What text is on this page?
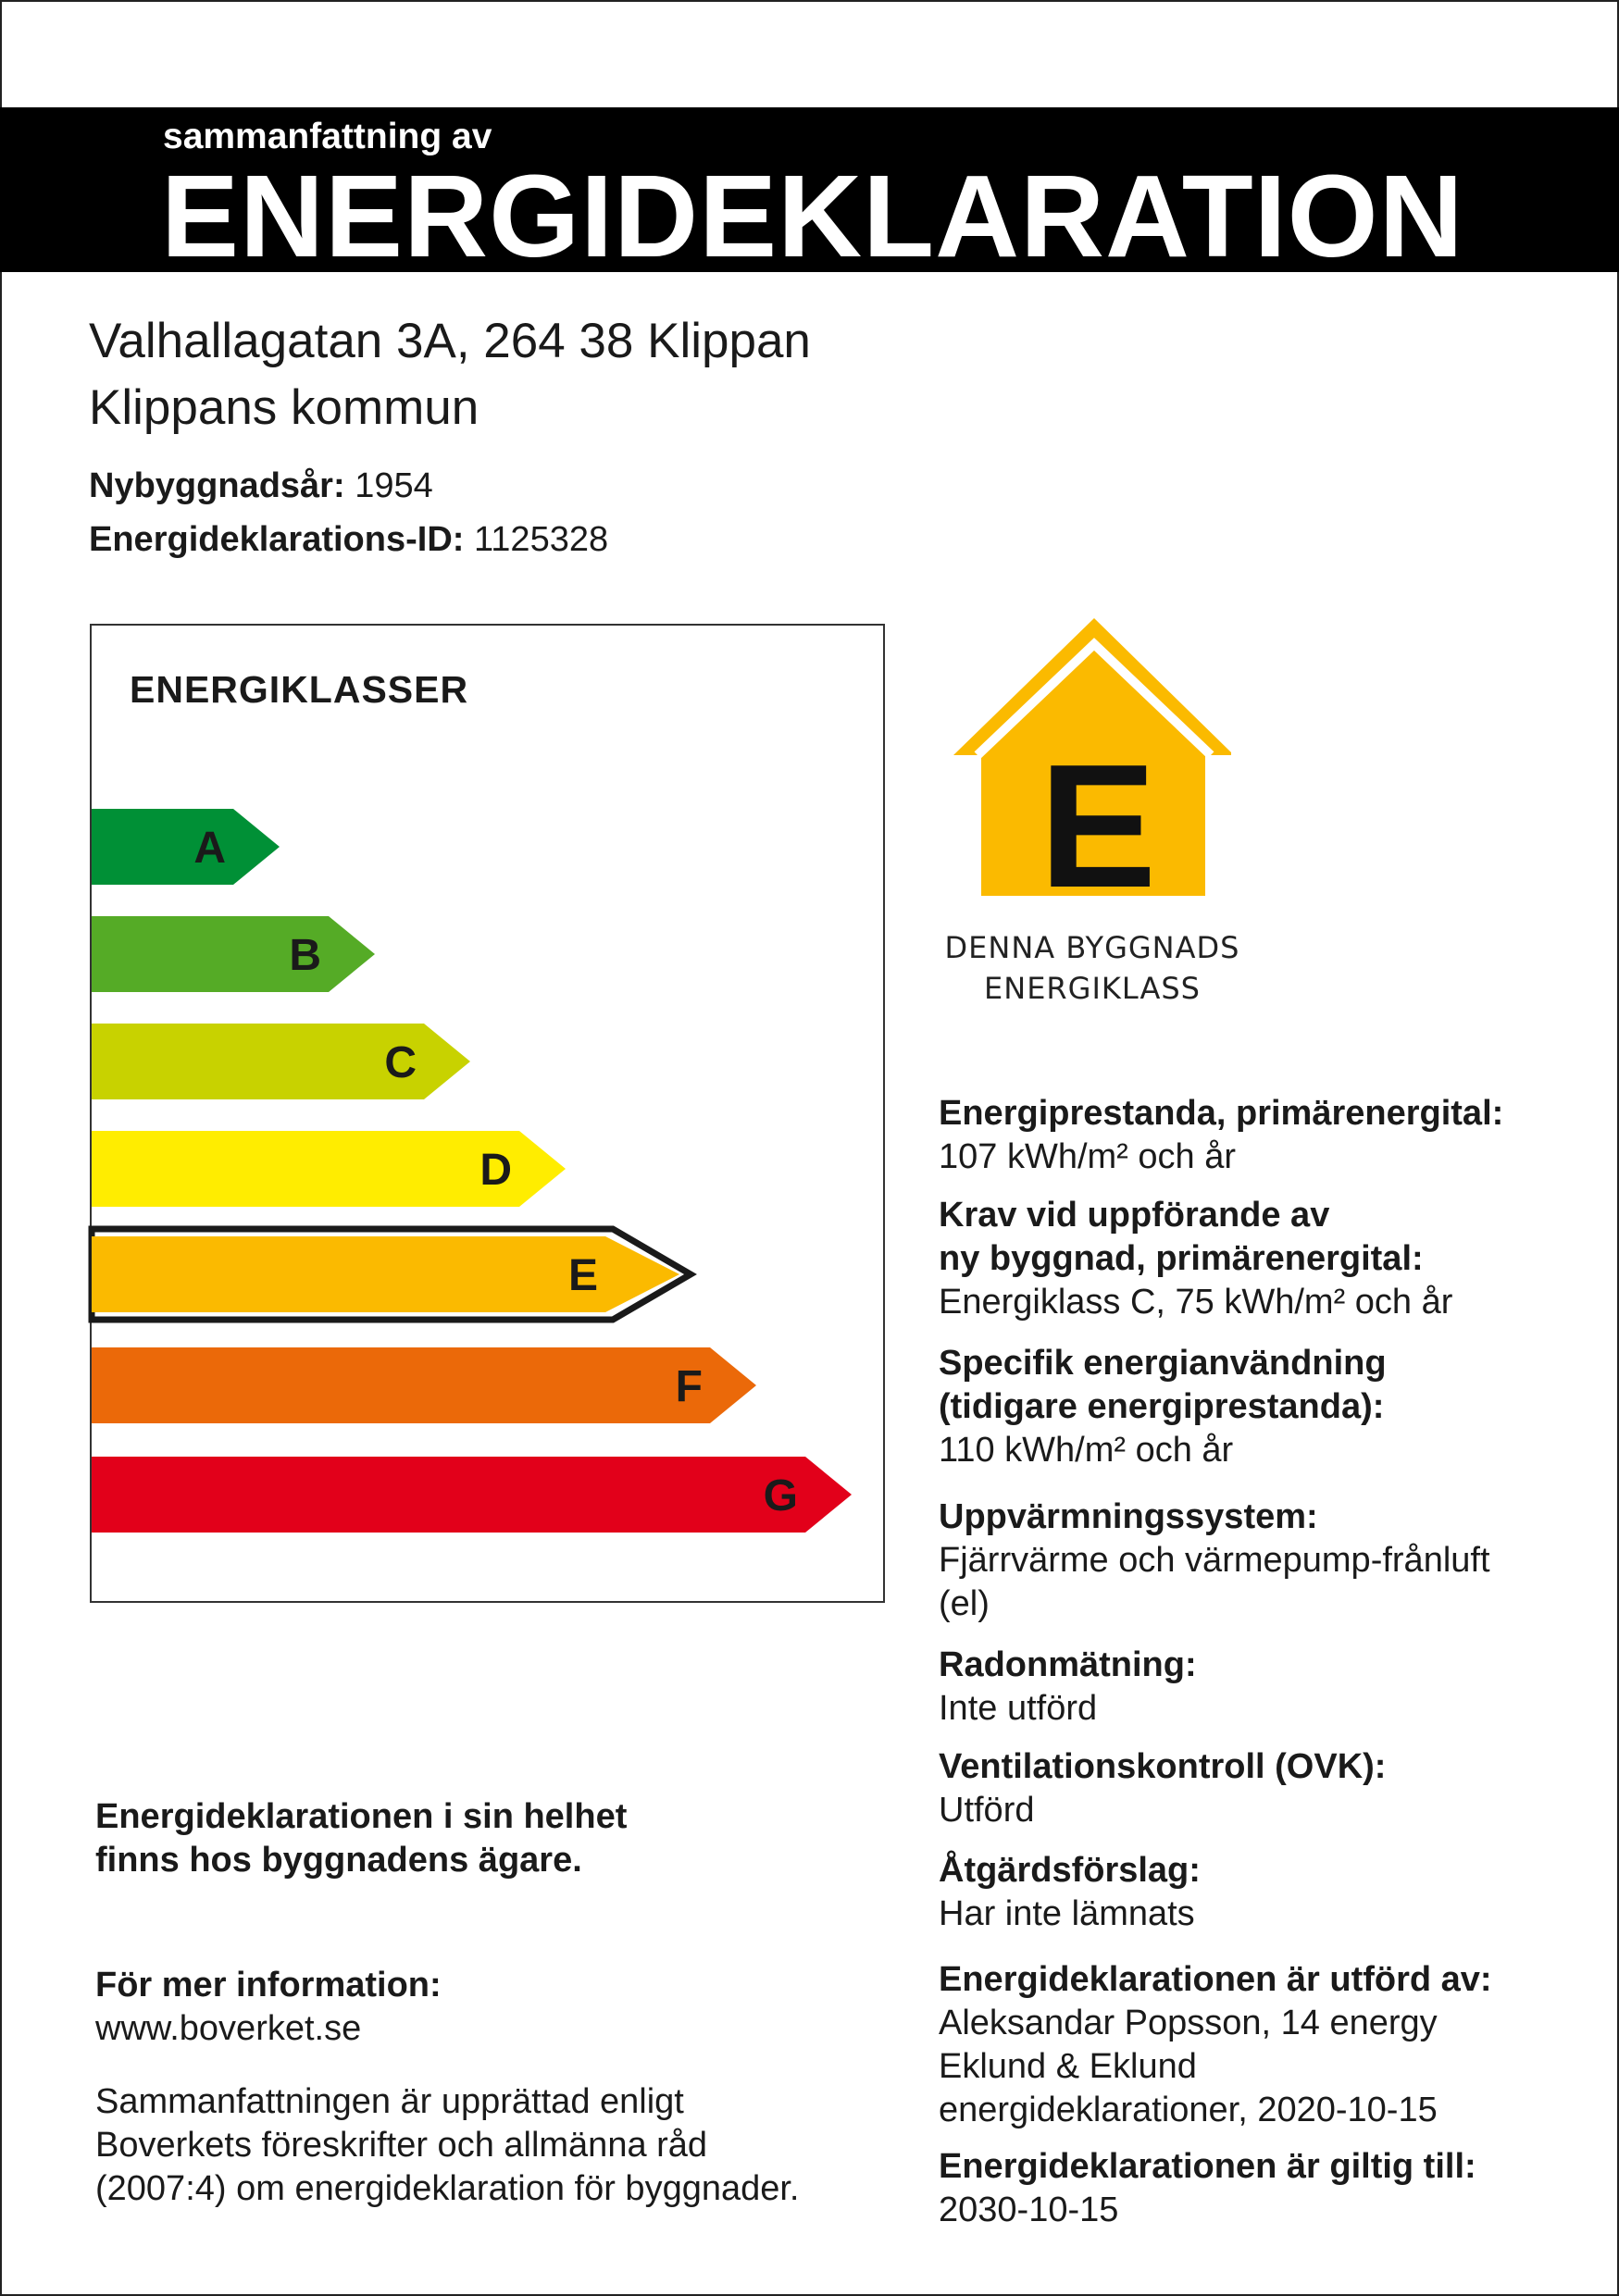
sammanfattning av
ENERGIDEKLARATION
Valhallagatan 3A, 264 38 Klippan
Klippans kommun
Nybyggnadsår: 1954
Energideklarations-ID: 1125328
ENERGIKLASSER
A
B
C
D
E
F
G
E
DENNA BYGGNADS
ENERGIKLASS
Energiprestanda, primärenergital:
107 kWh/m² och år
Krav vid uppförande av
ny byggnad, primärenergital:
Energiklass C, 75 kWh/m² och år
Specifik energianvändning
(tidigare energiprestanda):
110 kWh/m² och år
Uppvärmningssystem:
Fjärrvärme och värmepump-frånluft
(el)
Radonmätning:
Inte utförd
Ventilationskontroll (OVK):
Utförd
Åtgärdsförslag:
Har inte lämnats
Energideklarationen är utförd av:
Aleksandar Popsson, 14 energy
Eklund & Eklund
energideklarationer, 2020-10-15
Energideklarationen är giltig till:
2030-10-15
Energideklarationen i sin helhet
finns hos byggnadens ägare.
För mer information:
www.boverket.se
Sammanfattningen är upprättad enligt
Boverkets föreskrifter och allmänna råd
(2007:4) om energideklaration för byggnader.
